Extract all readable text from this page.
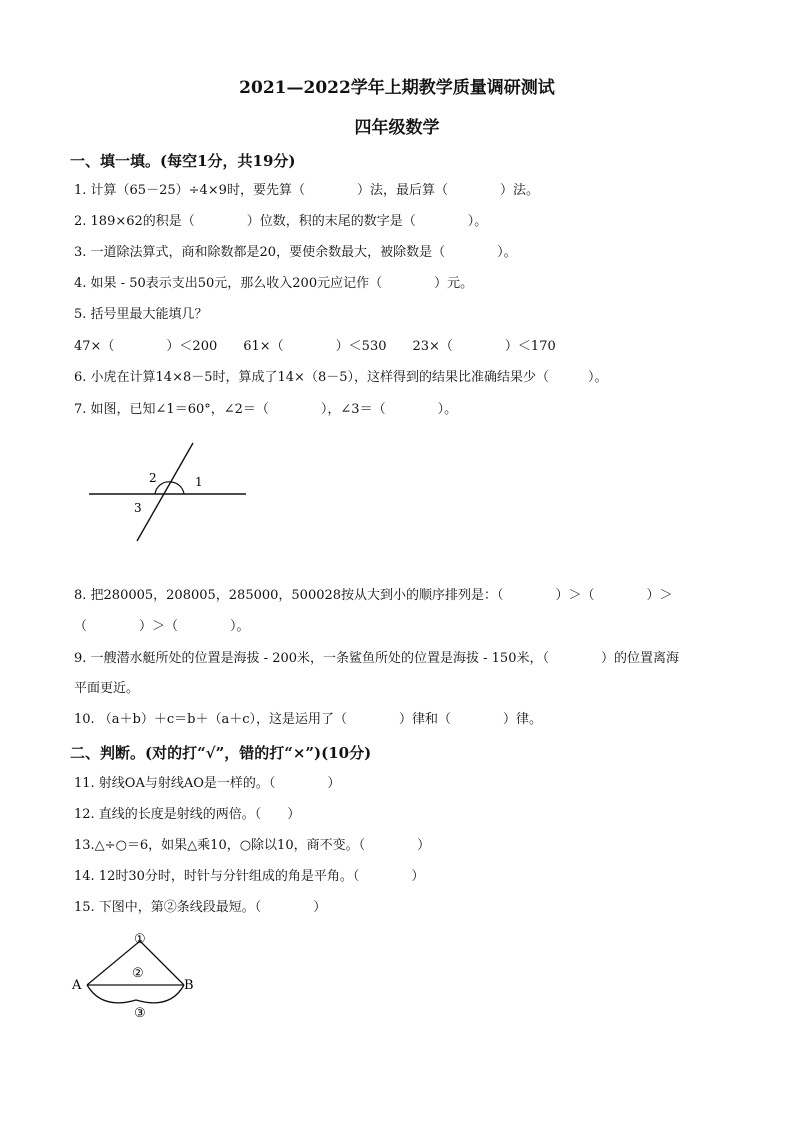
2021—2022学年上期教学质量调研测试
四年级数学
一、填一填。(每空1分，共19分)
1. 计算（65－25）÷4×9时，要先算（　　　　）法，最后算（　　　　）法。
2. 189×62的积是（　　　　）位数，积的末尾的数字是（　　　　）。
3. 一道除法算式，商和除数都是20，要使余数最大，被除数是（　　　　）。
4. 如果 - 50表示支出50元，那么收入200元应记作（　　　　）元。
5. 括号里最大能填几？
47×（　　　　）＜200　　61×（　　　　）＜530　　23×（　　　　）＜170
6. 小虎在计算14×8－5时，算成了14×（8－5），这样得到的结果比准确结果少（　　　）。
7. 如图，已知∠1＝60°，∠2＝（　　　　），∠3＝（　　　　）。
1
2
3
8. 把280005，208005，285000，500028按从大到小的顺序排列是：（　　　　）＞（　　　　）＞
（　　　　）＞（　　　　）。
9. 一艘潜水艇所处的位置是海拔 - 200米，一条鲨鱼所处的位置是海拔 - 150米，（　　　　）的位置离海
平面更近。
10. （a＋b）＋c＝b＋（a＋c），这是运用了（　　　　）律和（　　　　）律。
二、判断。(对的打“√”，错的打“×”)(10分)
11. 射线OA与射线AO是一样的。（　　　　）
12. 直线的长度是射线的两倍。（　　）
13.△÷○＝6，如果△乘10，○除以10，商不变。（　　　　）
14. 12时30分时，时针与分针组成的角是平角。（　　　　）
15. 下图中，第②条线段最短。（　　　　）
A	B
①
②
③
